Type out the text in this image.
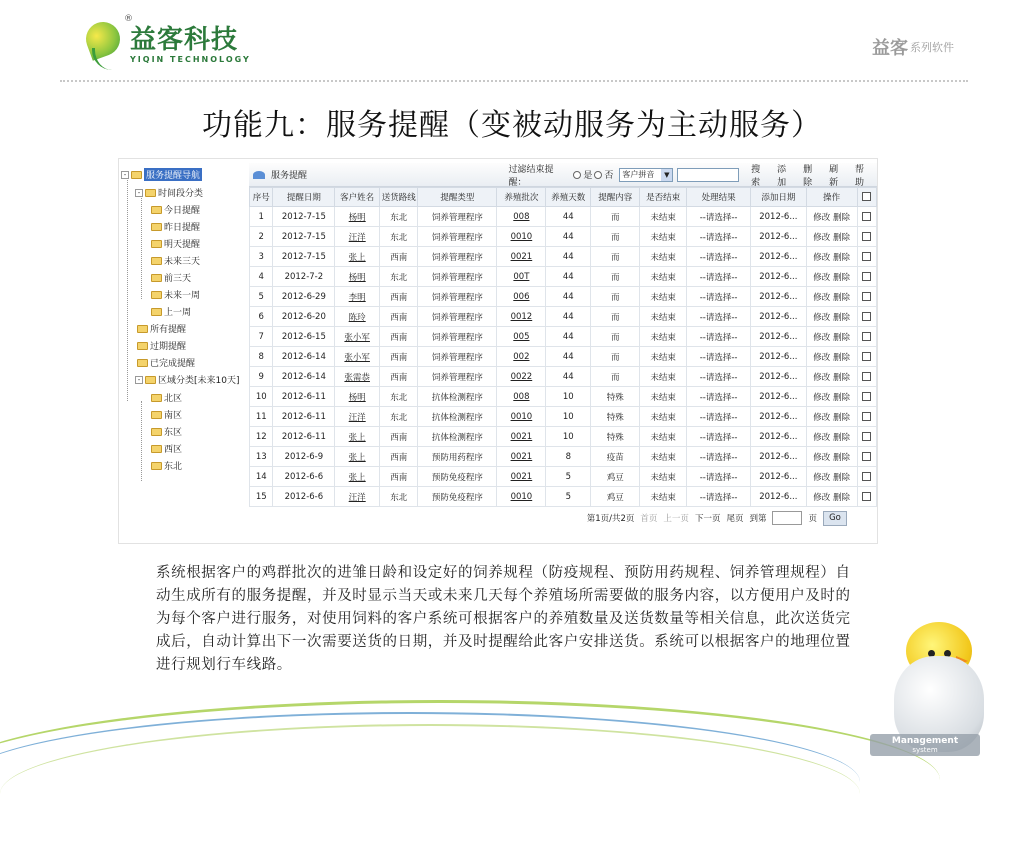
益客科技
YIQIN TECHNOLOGY
®
益客 系列软件
功能九：服务提醒（变被动服务为主动服务）
-	服务提醒导航
-	时间段分类
今日提醒
昨日提醒
明天提醒
未来三天
前三天
未来一周
上一周
所有提醒
过期提醒
已完成提醒
-	区域分类[未来10天]
北区
南区
东区
西区
东北
服务提醒
过滤结束提醒：
是 否	客户拼音	▼	搜索
添加
删除
刷新
帮助
序号	提醒日期	客户姓名	送货路线	提醒类型	养殖批次	养殖天数	提醒内容	是否结束	处理结果	添加日期	操作	
1	2012-7-15	杨明	东北	饲养管理程序	008	44	而	未结束	--请选择--	2012-6...	修改 删除	
2	2012-7-15	汪洋	东北	饲养管理程序	0010	44	而	未结束	--请选择--	2012-6...	修改 删除	
3	2012-7-15	张上	西南	饲养管理程序	0021	44	而	未结束	--请选择--	2012-6...	修改 删除	
4	2012-7-2	杨明	东北	饲养管理程序	00T	44	而	未结束	--请选择--	2012-6...	修改 删除	
5	2012-6-29	李明	西南	饲养管理程序	006	44	而	未结束	--请选择--	2012-6...	修改 删除	
6	2012-6-20	陈玲	西南	饲养管理程序	0012	44	而	未结束	--请选择--	2012-6...	修改 删除	
7	2012-6-15	张小军	西南	饲养管理程序	005	44	而	未结束	--请选择--	2012-6...	修改 删除	
8	2012-6-14	张小军	西南	饲养管理程序	002	44	而	未结束	--请选择--	2012-6...	修改 删除	
9	2012-6-14	张需恭	西南	饲养管理程序	0022	44	而	未结束	--请选择--	2012-6...	修改 删除	
10	2012-6-11	杨明	东北	抗体检测程序	008	10	特殊	未结束	--请选择--	2012-6...	修改 删除	
11	2012-6-11	汪洋	东北	抗体检测程序	0010	10	特殊	未结束	--请选择--	2012-6...	修改 删除	
12	2012-6-11	张上	西南	抗体检测程序	0021	10	特殊	未结束	--请选择--	2012-6...	修改 删除	
13	2012-6-9	张上	西南	预防用药程序	0021	8	疫苗	未结束	--请选择--	2012-6...	修改 删除	
14	2012-6-6	张上	西南	预防免疫程序	0021	5	鸡豆	未结束	--请选择--	2012-6...	修改 删除	
15	2012-6-6	汪洋	东北	预防免疫程序	0010	5	鸡豆	未结束	--请选择--	2012-6...	修改 删除	
第1页/共2页 首页 上一页 下一页 尾页 到第	页	Go
系统根据客户的鸡群批次的进雏日龄和设定好的饲养规程（防疫规程、预防用药规程、饲养管理规程）自动生成所有的服务提醒，并及时显示当天或未来几天每个养殖场所需要做的服务内容，以方便用户及时的为每个客户进行服务，对使用饲料的客户系统可根据客户的养殖数量及送货数量等相关信息，此次送货完成后，自动计算出下一次需要送货的日期，并及时提醒给此客户安排送货。系统可以根据客户的地理位置进行规划行车线路。
Management
system
